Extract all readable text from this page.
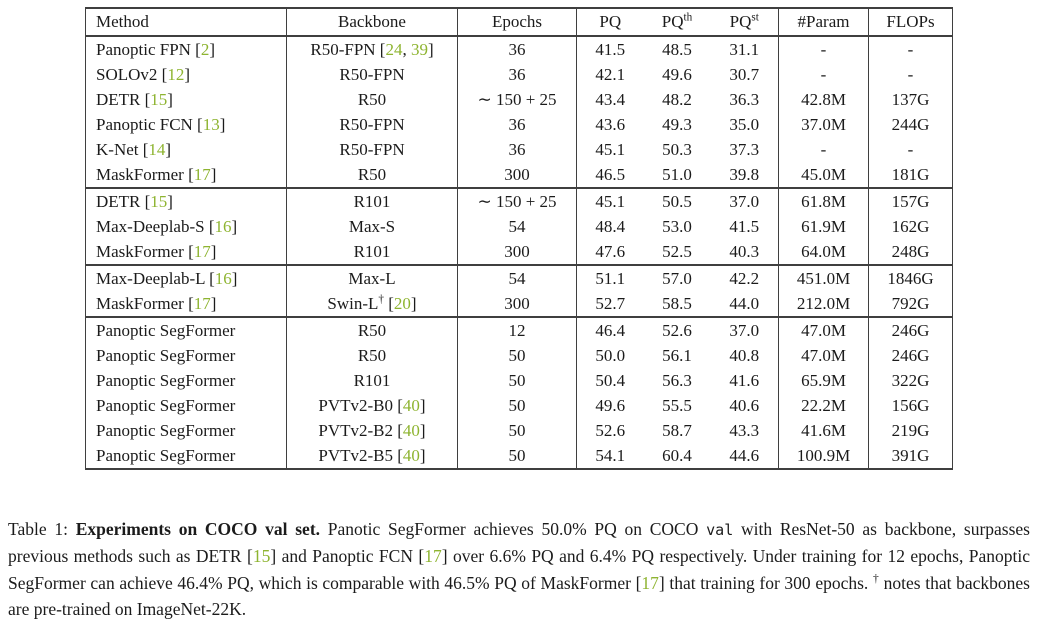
Method	Backbone	Epochs	PQ	$PQ^{th}$	$PQ^{st}$	#Param	FLOPs
Panoptic FPN [2]	R50-FPN [24, 39]	36	41.5	48.5	31.1	-	-
SOLOv2 [12]	R50-FPN	36	42.1	49.6	30.7	-	-
DETR [15]	R50	∼ 150 + 25	43.4	48.2	36.3	42.8M	137G
Panoptic FCN [13]	R50-FPN	36	43.6	49.3	35.0	37.0M	244G
K-Net [14]	R50-FPN	36	45.1	50.3	37.3	-	-
MaskFormer [17]	R50	300	46.5	51.0	39.8	45.0M	181G
DETR [15]	R101	∼ 150 + 25	45.1	50.5	37.0	61.8M	157G
Max-Deeplab-S [16]	Max-S	54	48.4	53.0	41.5	61.9M	162G
MaskFormer [17]	R101	300	47.6	52.5	40.3	64.0M	248G
Max-Deeplab-L [16]	Max-L	54	51.1	57.0	42.2	451.0M	1846G
MaskFormer [17]	Swin-L† [20]	300	52.7	58.5	44.0	212.0M	792G
Panoptic SegFormer	R50	12	46.4	52.6	37.0	47.0M	246G
Panoptic SegFormer	R50	50	50.0	56.1	40.8	47.0M	246G
Panoptic SegFormer	R101	50	50.4	56.3	41.6	65.9M	322G
Panoptic SegFormer	PVTv2-B0 [40]	50	49.6	55.5	40.6	22.2M	156G
Panoptic SegFormer	PVTv2-B2 [40]	50	52.6	58.7	43.3	41.6M	219G
Panoptic SegFormer	PVTv2-B5 [40]	50	54.1	60.4	44.6	100.9M	391G

Table 1: Experiments on COCO val set. Panotic SegFormer achieves 50.0% PQ on COCO val with ResNet-50 as backbone, surpasses previous methods such as DETR [15] and Panoptic FCN [17] over 6.6% PQ and 6.4% PQ respectively. Under training for 12 epochs, Panoptic SegFormer can achieve 46.4% PQ, which is comparable with 46.5% PQ of MaskFormer [17] that training for 300 epochs. † notes that backbones are pre-trained on ImageNet-22K.
